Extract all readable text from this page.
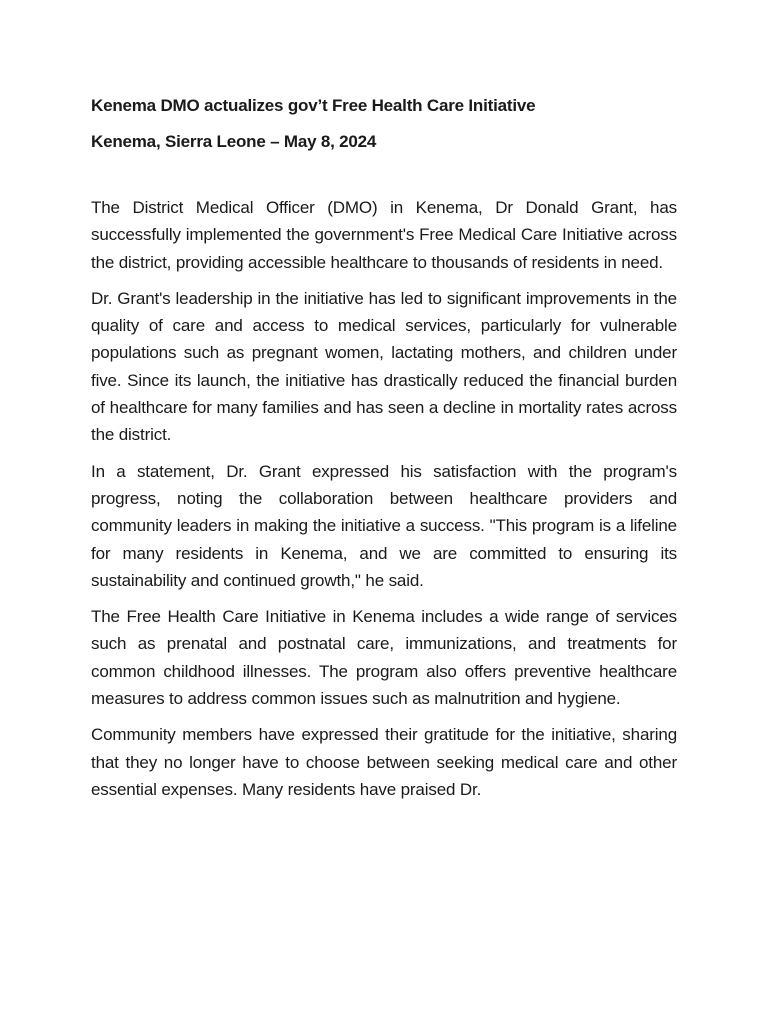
Kenema DMO actualizes gov’t Free Health Care Initiative
Kenema, Sierra Leone – May 8, 2024

The District Medical Officer (DMO) in Kenema, Dr Donald Grant, has successfully implemented the government's Free Medical Care Initiative across the district, providing accessible healthcare to thousands of residents in need.

Dr. Grant's leadership in the initiative has led to significant improvements in the quality of care and access to medical services, particularly for vulnerable populations such as pregnant women, lactating mothers, and children under five. Since its launch, the initiative has drastically reduced the financial burden of healthcare for many families and has seen a decline in mortality rates across the district.

In a statement, Dr. Grant expressed his satisfaction with the program's progress, noting the collaboration between healthcare providers and community leaders in making the initiative a success. "This program is a lifeline for many residents in Kenema, and we are committed to ensuring its sustainability and continued growth," he said.

The Free Health Care Initiative in Kenema includes a wide range of services such as prenatal and postnatal care, immunizations, and treatments for common childhood illnesses. The program also offers preventive healthcare measures to address common issues such as malnutrition and hygiene.

Community members have expressed their gratitude for the initiative, sharing that they no longer have to choose between seeking medical care and other essential expenses. Many residents have praised Dr.
